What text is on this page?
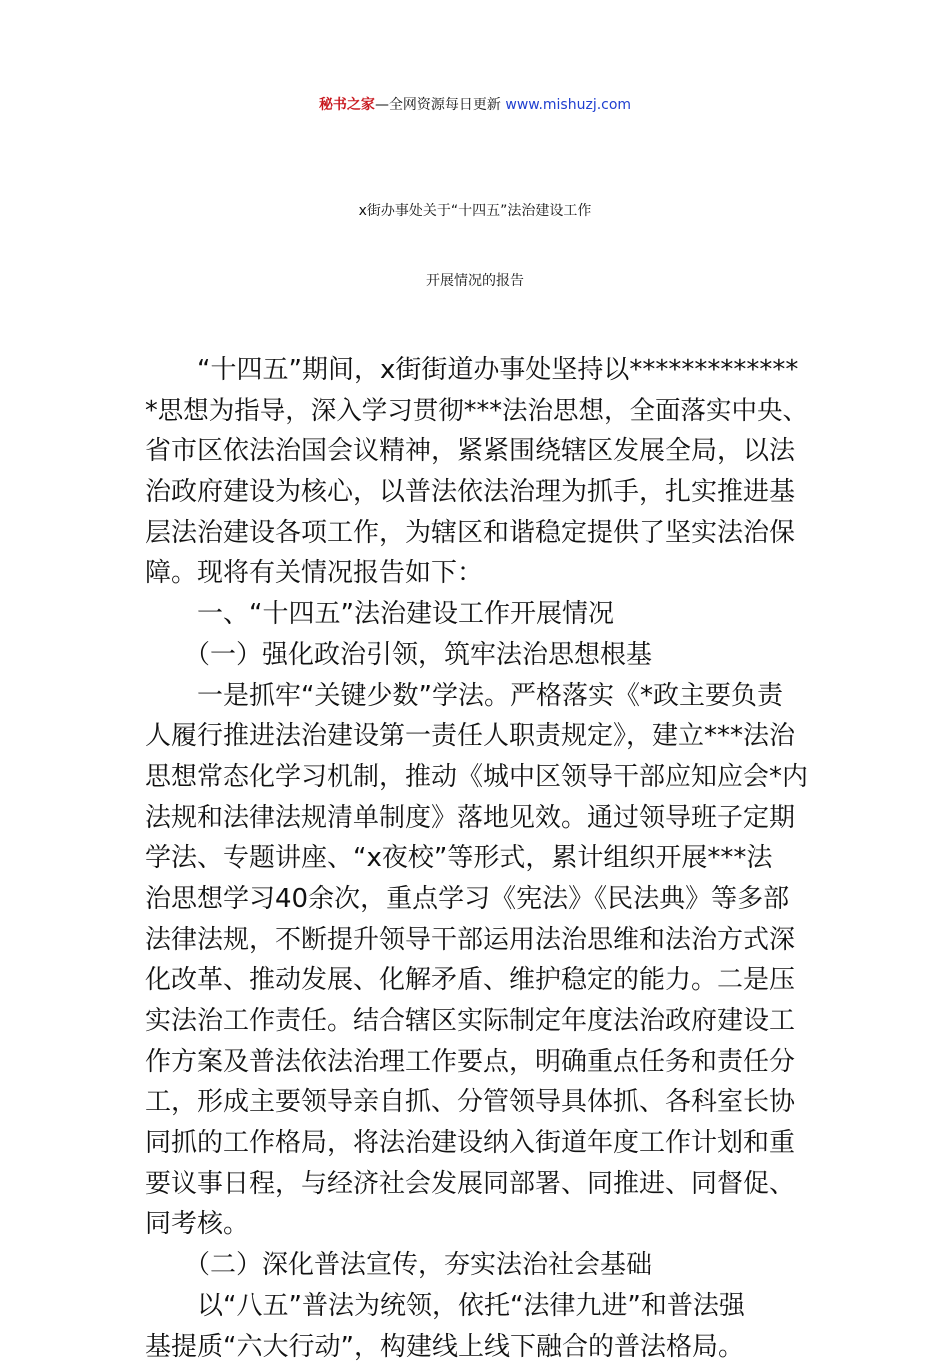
秘书之家—全网资源每日更新 www.mishuzj.com
x街办事处关于“十四五”法治建设工作
开展情况的报告
　　“十四五”期间，x街街道办事处坚持以*************
*思想为指导，深入学习贯彻***法治思想，全面落实中央、
省市区依法治国会议精神，紧紧围绕辖区发展全局，以法
治政府建设为核心，以普法依法治理为抓手，扎实推进基
层法治建设各项工作，为辖区和谐稳定提供了坚实法治保
障。现将有关情况报告如下：
　　一、“十四五”法治建设工作开展情况
　　（一）强化政治引领，筑牢法治思想根基
　　一是抓牢“关键少数”学法。严格落实《*政主要负责
人履行推进法治建设第一责任人职责规定》，建立***法治
思想常态化学习机制，推动《城中区领导干部应知应会*内
法规和法律法规清单制度》落地见效。通过领导班子定期
学法、专题讲座、“x夜校”等形式，累计组织开展***法
治思想学习40余次，重点学习《宪法》《民法典》等多部
法律法规，不断提升领导干部运用法治思维和法治方式深
化改革、推动发展、化解矛盾、维护稳定的能力。二是压
实法治工作责任。结合辖区实际制定年度法治政府建设工
作方案及普法依法治理工作要点，明确重点任务和责任分
工，形成主要领导亲自抓、分管领导具体抓、各科室长协
同抓的工作格局，将法治建设纳入街道年度工作计划和重
要议事日程，与经济社会发展同部署、同推进、同督促、
同考核。
　　（二）深化普法宣传，夯实法治社会基础
　　以“八五”普法为统领，依托“法律九进”和普法强
基提质“六大行动”，构建线上线下融合的普法格局。
